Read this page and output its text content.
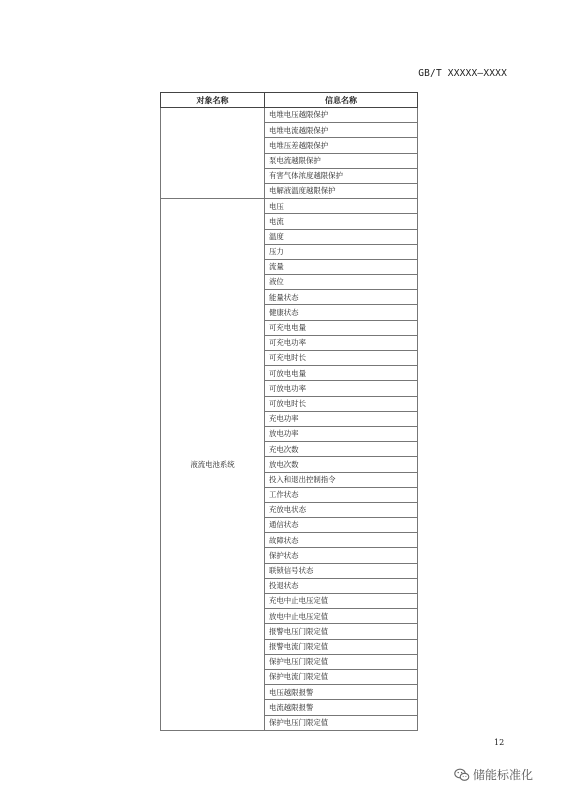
GB/T XXXXX—XXXX
对象名称	信息名称
	电堆电压越限保护
	电堆电流越限保护
	电堆压差越限保护
	泵电流越限保护
	有害气体浓度越限保护
	电解液温度越限保护
液流电池系统	电压
	电流
	温度
	压力
	流量
	液位
	能量状态
	健康状态
	可充电电量
	可充电功率
	可充电时长
	可放电电量
	可放电功率
	可放电时长
	充电功率
	放电功率
	充电次数
	放电次数
	投入和退出控制指令
	工作状态
	充放电状态
	通信状态
	故障状态
	保护状态
	联锁信号状态
	投退状态
	充电中止电压定值
	放电中止电压定值
	报警电压门限定值
	报警电流门限定值
	保护电压门限定值
	保护电流门限定值
	电压越限报警
	电流越限报警
	保护电压门限定值
12
储能标准化
